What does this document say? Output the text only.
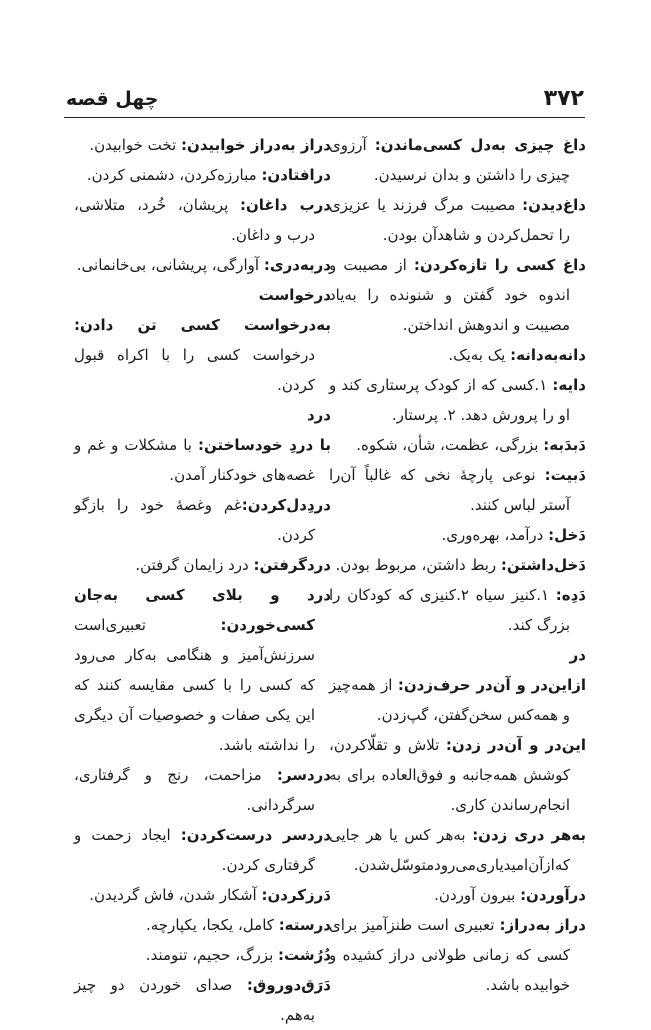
چهل قصه	۳۷۲

داغ چیزی به‌دل کسی‌ماندن: آرزوی چیزی را داشتن و بدان نرسیدن.

داغ‌دیدن: مصیبت مرگ فرزند یا عزیزی را تحمل‌کردن و شاهدآن بودن.

داغ کسی را تازه‌کردن: از مصیبت و اندوه خود گفتن و شنونده را به‌یاد مصیبت و اندوهش انداختن.

دانه‌به‌دانه: یک به‌یک.

دایه: ۱.کسی که از کودک پرستاری کند و او را پرورش دهد. ۲. پرستار.

دَبدَبه: بزرگی، عظمت، شأن، شکوه.

دَبیت: نوعی پارچهٔ نخی که غالباً آن‌را آستر لباس کنند.

دَخل: درآمد، بهره‌وری.

دَخل‌داشتن: ربط داشتن، مربوط بودن.

دَدِه: ۱.کنیز سیاه ۲.کنیزی که کودکان را بزرگ کند.

در

ازاین‌در و آن‌در حرف‌زدن: از همه‌چیز و همه‌کس سخن‌گفتن، گپ‌زدن.

این‌در و آن‌در زدن: تلاش و تقلّاکردن، کوشش همه‌جانبه و فوق‌العاده برای به انجام‌رساندن کاری.

به‌هر دری زدن: به‌هر کس یا هر جایی که‌ازآن‌امیدیاری‌می‌رود‌متوسّل‌شدن.

درآوردن: بیرون آوردن.

دراز به‌دراز: تعبیری است طنزآمیز برای کسی که زمانی طولانی دراز کشیده و خوابیده باشد.

دراز به‌دراز خوابیدن: تخت خوابیدن.

درافتادن: مبارزه‌کردن، دشمنی کردن.

درب داغان: پریشان، خُرد، متلاشی، درب و داغان.

دربه‌دری: آوارگی، پریشانی، بی‌خانمانی.

درخواست

به‌درخواست کسی تن دادن: درخواست کسی را با اکراه قبول کردن.

درد

با دردِ خود‌ساختن: با مشکلات و غم و غصه‌های خودکنار آمدن.

دردِدل‌کردن:غم وغصهٔ خود را بازگو کردن.

درد‌گرفتن: درد زایمان گرفتن.

درد و بلای کسی به‌جان کسی‌خوردن: تعبیری‌است سرزنش‌آمیز و هنگامی به‌کار می‌رود که کسی را با کسی مقایسه کنند که این یکی صفات و خصوصیات آن دیگری را نداشته باشد.

دردسر: مزاحمت، رنج و گرفتاری، سرگردانی.

دردسر درست‌کردن: ایجاد زحمت و گرفتاری کردن.

دَرزکردن: آشکار شدن، فاش گردیدن.

درسته: کامل، یکجا، یکپارچه.

دُرُشت: بزرگ، حجیم، تنومند.

دَرَق‌دوروق: صدای خوردن دو چیز به‌هم.
